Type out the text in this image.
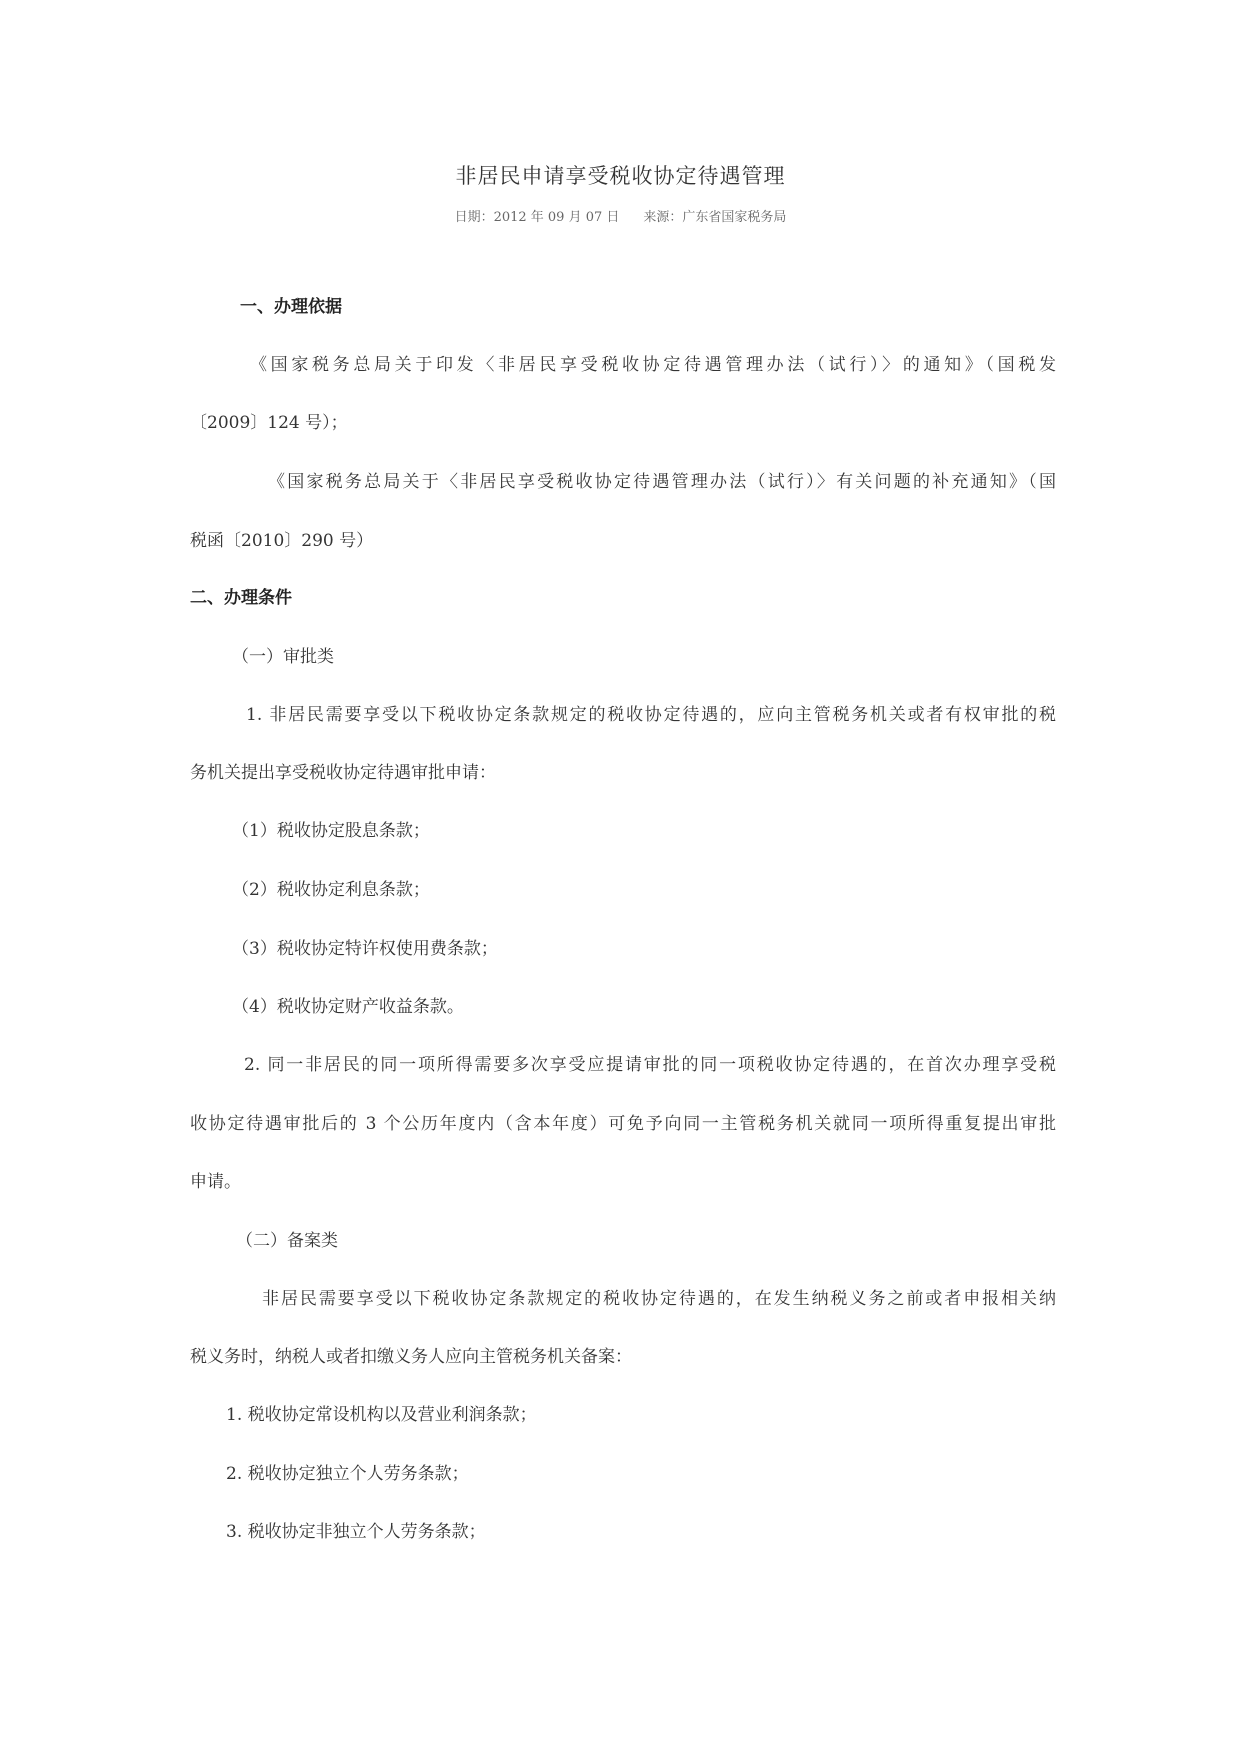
非居民申请享受税收协定待遇管理
日期：2012 年 09 月 07 日 来源：广东省国家税务局
一、办理依据
《国家税务总局关于印发〈非居民享受税收协定待遇管理办法（试行）〉的通知》（国税发
〔2009〕124 号）；
《国家税务总局关于〈非居民享受税收协定待遇管理办法（试行）〉有关问题的补充通知》（国
税函〔2010〕290 号）
二、办理条件
（一）审批类
1. 非居民需要享受以下税收协定条款规定的税收协定待遇的，应向主管税务机关或者有权审批的税
务机关提出享受税收协定待遇审批申请：
（1）税收协定股息条款；
（2）税收协定利息条款；
（3）税收协定特许权使用费条款；
（4）税收协定财产收益条款。
2. 同一非居民的同一项所得需要多次享受应提请审批的同一项税收协定待遇的，在首次办理享受税
收协定待遇审批后的 3 个公历年度内（含本年度）可免予向同一主管税务机关就同一项所得重复提出审批
申请。
（二）备案类
非居民需要享受以下税收协定条款规定的税收协定待遇的，在发生纳税义务之前或者申报相关纳
税义务时，纳税人或者扣缴义务人应向主管税务机关备案：
1. 税收协定常设机构以及营业利润条款；
2. 税收协定独立个人劳务条款；
3. 税收协定非独立个人劳务条款；
